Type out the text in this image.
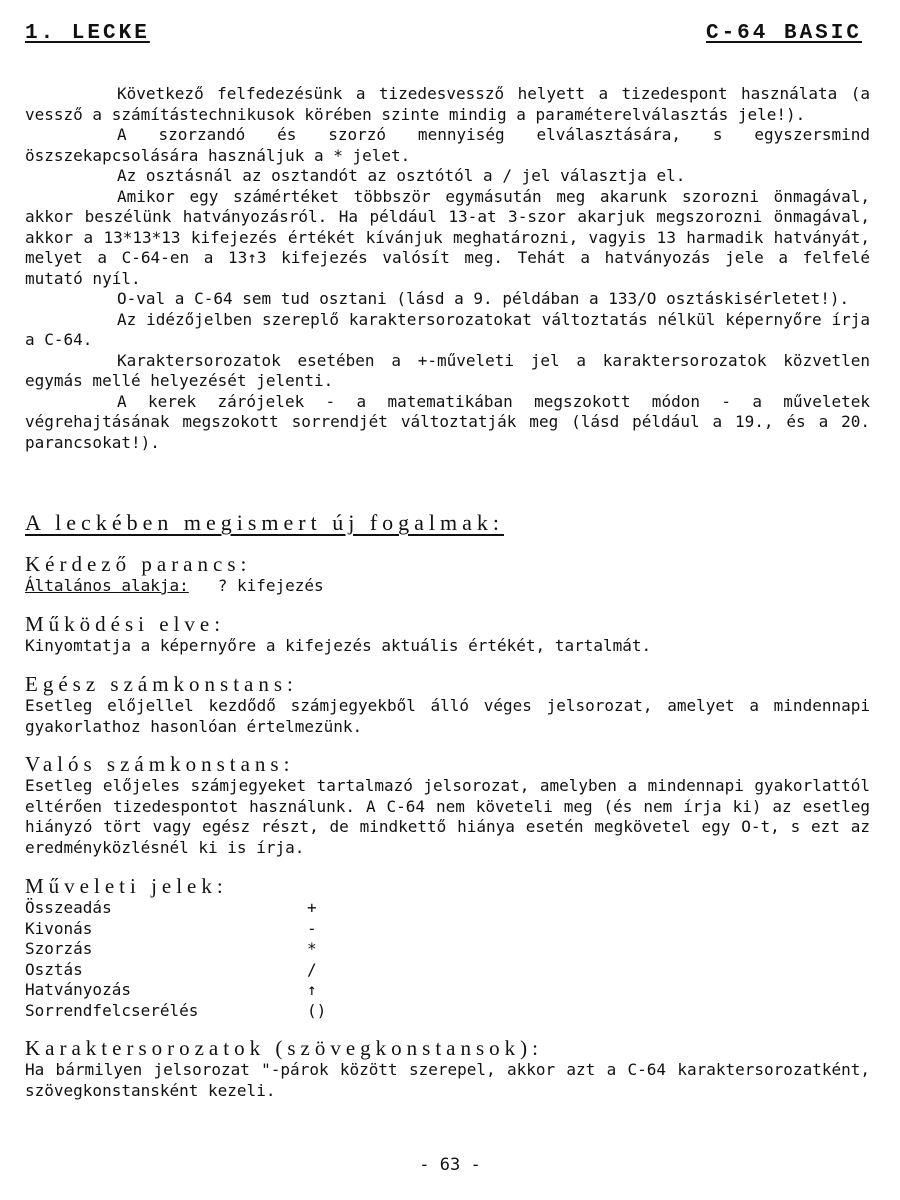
1. LECKE	C-64 BASIC

Következő felfedezésünk a tizedesvessző helyett a tizedespont használata (a vessző a számítástechnikusok körében szinte mindig a paraméterelválasztás jele!).

A szorzandó és szorzó mennyiség elválasztására, s egyszersmind öszszekapcsolására használjuk a * jelet.

Az osztásnál az osztandót az osztótól a / jel választja el.

Amikor egy számértéket többször egymásután meg akarunk szorozni önmagával, akkor beszélünk hatványozásról. Ha például 13-at 3-szor akarjuk megszorozni önmagával, akkor a 13*13*13 kifejezés értékét kívánjuk meghatározni, vagyis 13 harmadik hatványát, melyet a C-64-en a 13↑3 kifejezés valósít meg. Tehát a hatványozás jele a felfelé mutató nyíl.

O-val a C-64 sem tud osztani (lásd a 9. példában a 133/O osztáskisérletet!).

Az idézőjelben szereplő karaktersorozatokat változtatás nélkül képernyőre írja a C-64.

Karaktersorozatok esetében a +-műveleti jel a karaktersorozatok közvetlen egymás mellé helyezését jelenti.

A kerek zárójelek - a matematikában megszokott módon - a műveletek végrehajtásának megszokott sorrendjét változtatják meg (lásd például a 19., és a 20. parancsokat!).

A leckében megismert új fogalmak:
Kérdező parancs:
Általános alakja: ? kifejezés
Működési elve:
Kinyomtatja a képernyőre a kifejezés aktuális értékét, tartalmát.
Egész számkonstans:
Esetleg előjellel kezdődő számjegyekből álló véges jelsorozat, amelyet a mindennapi gyakorlathoz hasonlóan értelmezünk.
Valós számkonstans:
Esetleg előjeles számjegyeket tartalmazó jelsorozat, amelyben a mindennapi gyakorlattól eltérően tizedespontot használunk. A C-64 nem követeli meg (és nem írja ki) az esetleg hiányzó tört vagy egész részt, de mindkettő hiánya esetén megkövetel egy O-t, s ezt az eredményközlésnél ki is írja.
Műveleti jelek:
Összeadás	+
Kivonás	-
Szorzás	*
Osztás	/
Hatványozás	↑
Sorrendfelcserélés	()
Karaktersorozatok (szövegkonstansok):
Ha bármilyen jelsorozat "-párok között szerepel, akkor azt a C-64 karaktersorozatként, szövegkonstansként kezeli.
- 63 -
